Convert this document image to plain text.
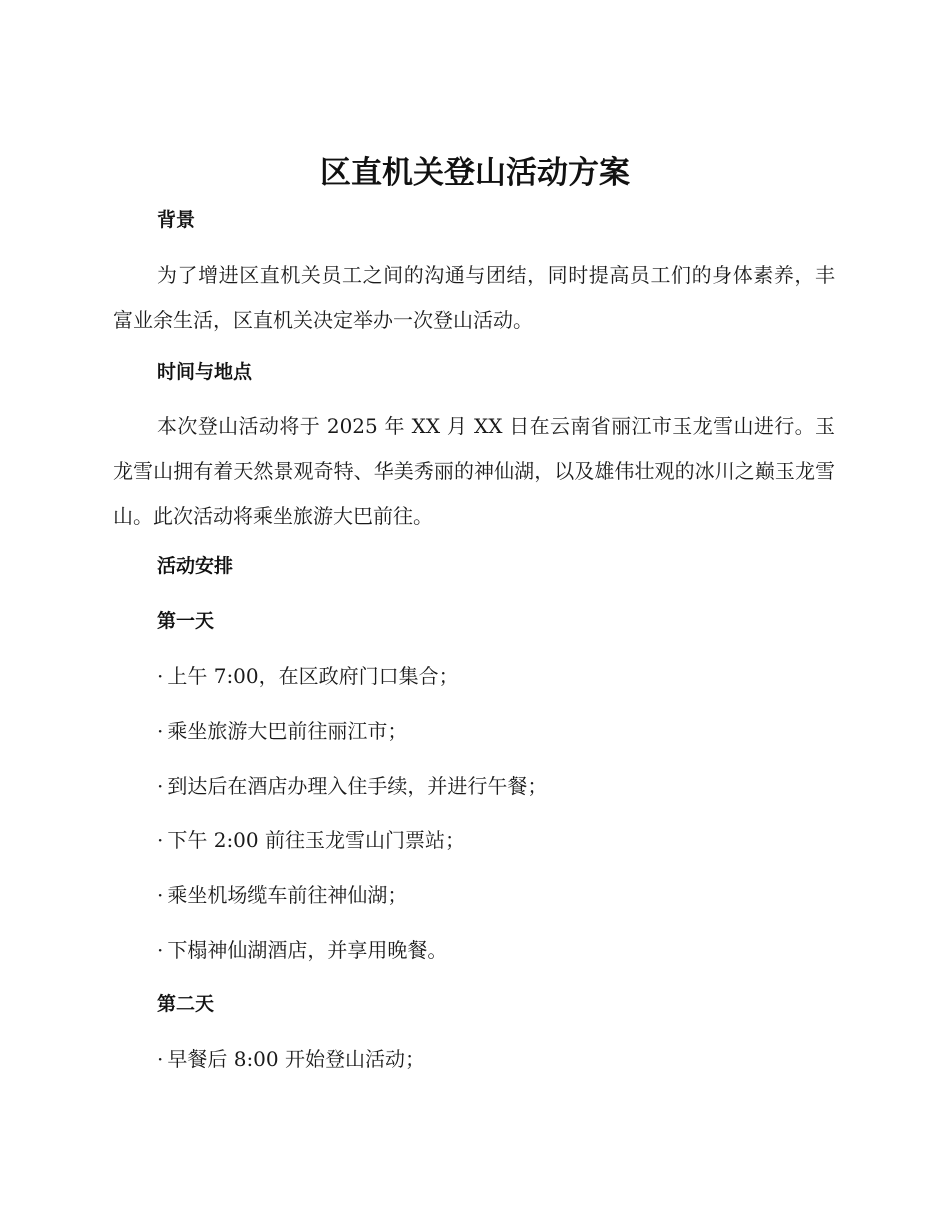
区直机关登山活动方案
背景

为了增进区直机关员工之间的沟通与团结，同时提高员工们的身体素养，丰富业余生活，区直机关决定举办一次登山活动。

时间与地点

本次登山活动将于 2025 年 XX 月 XX 日在云南省丽江市玉龙雪山进行。玉龙雪山拥有着天然景观奇特、华美秀丽的神仙湖，以及雄伟壮观的冰川之巅玉龙雪山。此次活动将乘坐旅游大巴前往。

活动安排
第一天

· 上午 7:00，在区政府门口集合；

· 乘坐旅游大巴前往丽江市；

· 到达后在酒店办理入住手续，并进行午餐；

· 下午 2:00 前往玉龙雪山门票站；

· 乘坐机场缆车前往神仙湖；

· 下榻神仙湖酒店，并享用晚餐。

第二天

· 早餐后 8:00 开始登山活动；
